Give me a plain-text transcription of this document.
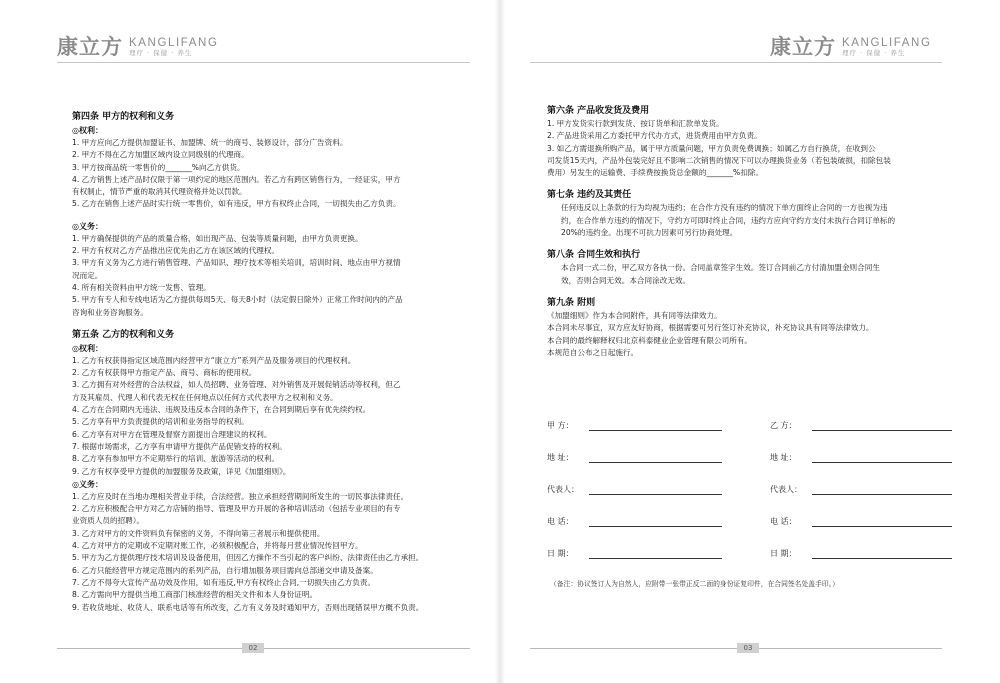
康立方 KANGLIFANG
理疗 · 保健 · 养生
第四条 甲方的权利和义务
◎权利：

1. 甲方应向乙方提供加盟证书、加盟牌、统一的商号、装修设计，部分广告资料。

2. 甲方不得在乙方加盟区域内设立同级别的代理商。

3. 甲方按商品统一零售价的_______%向乙方供货。

4. 乙方销售上述产品时仅限于第一项约定的地区范围内。若乙方有跨区销售行为，一经证实，甲方

有权制止，情节严重的取消其代理资格并处以罚款。

5. 乙方在销售上述产品时实行统一零售价，如有违反，甲方有权终止合同，一切损失由乙方负责。

◎义务：

1. 甲方确保提供的产品的质量合格，如出现产品、包装等质量问题，由甲方负责更换。

2. 甲方有权对乙方产品推出应优先由乙方在该区域的代理权。

3. 甲方有义务为乙方进行销售管理、产品知识、理疗技术等相关培训，培训时间、地点由甲方视情

况而定。

4. 所有相关资料由甲方统一发售、管理。

5. 甲方有专人和专线电话为乙方提供每周5天、每天8小时（法定假日除外）正常工作时间内的产品

咨询和业务咨询服务。

第五条 乙方的权利和义务
◎权利：

1. 乙方有权获得指定区域范围内经营甲方“康立方”系列产品及服务项目的代理权利。

2. 乙方有权获得甲方指定产品、商号、商标的使用权。

3. 乙方拥有对外经营的合法权益，如人员招聘、业务管理、对外销售及开展促销活动等权利，但乙

方及其雇员、代理人和代表无权在任何地点以任何方式代表甲方之权利和义务。

4. 乙方在合同期内无违法、违规及违反本合同的条件下，在合同到期后享有优先续约权。

5. 乙方享有甲方负责提供的培训和业务指导的权利。

6. 乙方享有对甲方在管理及督察方面提出合理建议的权利。

7. 根据市场需求，乙方享有申请甲方提供产品促销支持的权利。

8. 乙方享有参加甲方不定期举行的培训、旅游等活动的权利。

9. 乙方有权享受甲方提供的加盟服务及政策，详见《加盟细则》。

◎义务：

1. 乙方应及时在当地办理相关营业手续，合法经营。独立承担经营期间所发生的一切民事法律责任。

2. 乙方应积极配合甲方对乙方店铺的指导、管理及甲方开展的各种培训活动（包括专业项目的有专

业资质人员的招聘）。

3. 乙方对甲方的文件资料负有保密的义务，不得向第三者展示和提供使用。

4. 乙方对甲方的定期或不定期对账工作，必须积极配合，并将每月营业情况传回甲方。

5. 甲方为乙方提供理疗技术培训及设备使用，但因乙方操作不当引起的客户纠纷、法律责任由乙方承担。

6. 乙方只能经营甲方规定范围内的系列产品，自行增加服务项目需向总部递交申请及备案。

7. 乙方不得夸大宣传产品功效及作用，如有违反,甲方有权终止合同,一切损失由乙方负责。

8. 乙方需向甲方提供当地工商部门核准经营的相关文件和本人身份证明。

9. 若收货地址、收货人、联系电话等有所改变，乙方有义务及时通知甲方，否则出现错误甲方概不负责。

02
康立方 KANGLIFANG
理疗 · 保健 · 养生
第六条 产品收发货及费用

1. 甲方发货实行款到发货、按订货单和汇款单发货。

2. 产品进货采用乙方委托甲方代办方式，进货费用由甲方负责。

3. 如乙方需退换所购产品，属于甲方质量问题，甲方负责免费调换；如属乙方自行换货，在收到公

司发货15天内，产品外包装完好且不影响二次销售的情况下可以办理换货业务（若包装破损，扣除包装

费用）另发生的运输费、手续费按换货总金额的_______%扣除。

第七条 违约及其责任

任何违反以上条款的行为均视为违约；在合作方没有违约的情况下单方面终止合同的一方也视为违

约，在合作单方违约的情况下，守约方可即时终止合同，违约方应向守约方支付未执行合同订单标的

20%的违约金。出现不可抗力因素可另行协商处理。

第八条 合同生效和执行

本合同一式二份，甲乙双方各执一份。合同盖章签字生效。签订合同前乙方付清加盟金则合同生

效，否则合同无效。本合同涂改无效。

第九条 附则

《加盟细则》作为本合同附件，具有同等法律效力。

本合同未尽事宜，双方应友好协商，根据需要可另行签订补充协议，补充协议具有同等法律效力。

本合同的最终解释权归北京科泰健业企业管理有限公司所有。

本规范自公布之日起施行。

甲 方：
地 址：
代表人：
电 话：
日 期：
乙 方：
地 址：
代表人：
电 话：
日 期：
03
（备注：协议签订人为自然人，应附带一张带正反二面的身份证复印件，在合同签名处盖手印。）
